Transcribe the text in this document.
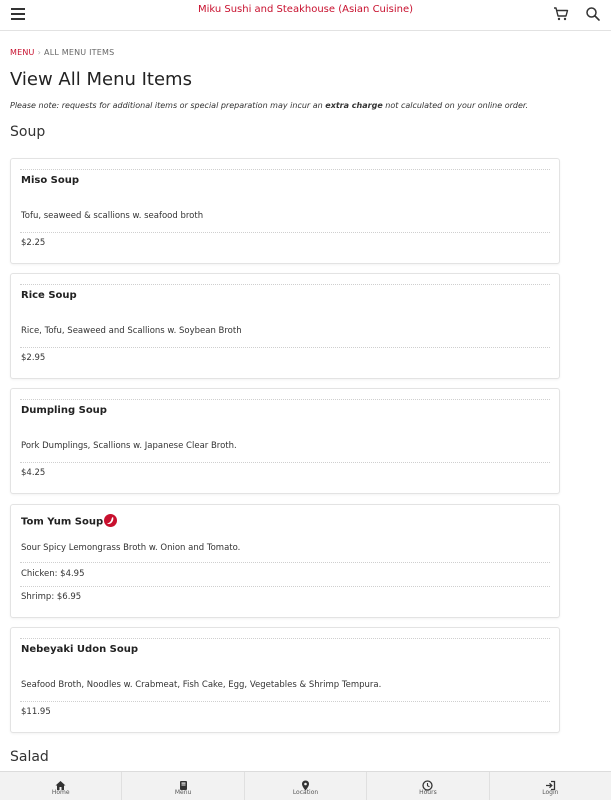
Miku Sushi and Steakhouse (Asian Cuisine)
MENU › ALL MENU ITEMS
View All Menu Items
Please note: requests for additional items or special preparation may incur an extra charge not calculated on your online order.
Soup
Miso Soup
Tofu, seaweed & scallions w. seafood broth
$2.25
Rice Soup
Rice, Tofu, Seaweed and Scallions w. Soybean Broth
$2.95
Dumpling Soup
Pork Dumplings, Scallions w. Japanese Clear Broth.
$4.25
Tom Yum Soup
Sour Spicy Lemongrass Broth w. Onion and Tomato.
Chicken: $4.95
Shrimp: $6.95
Nebeyaki Udon Soup
Seafood Broth, Noodles w. Crabmeat, Fish Cake, Egg, Vegetables & Shrimp Tempura.
$11.95
Salad
Home	Menu	Location	Hours	Login
